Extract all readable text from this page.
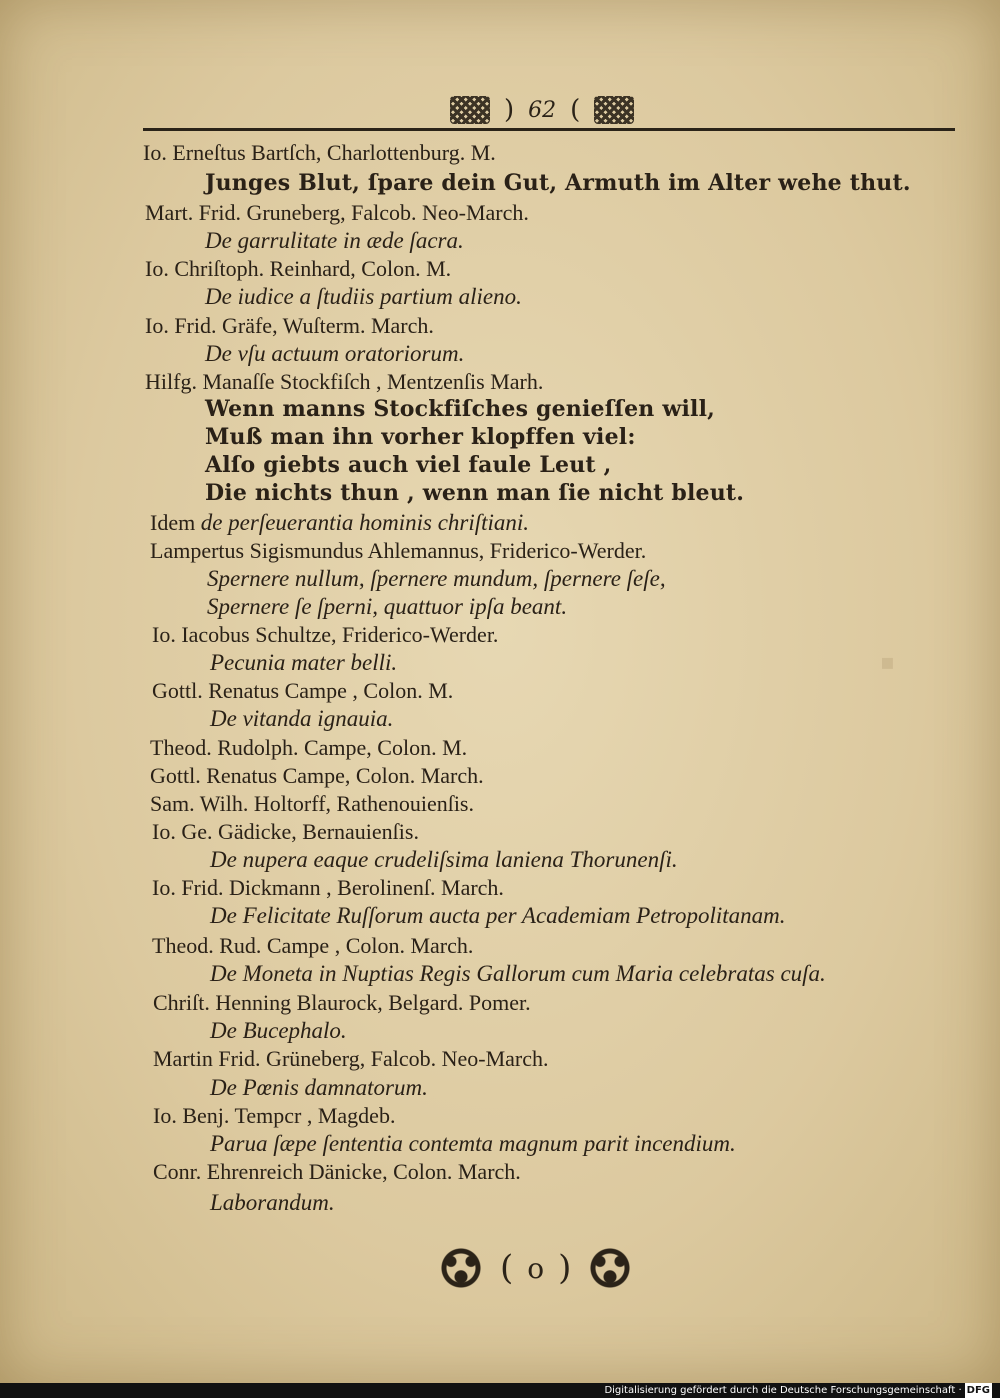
▪
) 62 (
Io. Erneſtus Bartſch, Charlottenburg. M.
Junges Blut, ſpare dein Gut, Armuth im Alter wehe thut.
Mart. Frid. Gruneberg, Falcob. Neo-March.
De garrulitate in æde ſacra.
Io. Chriſtoph. Reinhard, Colon. M.
De iudice a ſtudiis partium alieno.
Io. Frid. Gräfe, Wuſterm. March.
De vſu actuum oratoriorum.
Hilfg. Manaſſe Stockfiſch , Mentzenſis Marh.
Wenn manns Stockfiſches genieſſen will,
Muß man ihn vorher klopffen viel:
Alſo giebts auch viel faule Leut ,
Die nichts thun , wenn man ſie nicht bleut.
Idem de perſeuerantia hominis chriſtiani.
Lampertus Sigismundus Ahlemannus, Friderico-Werder.
Spernere nullum, ſpernere mundum, ſpernere ſeſe,
Spernere ſe ſperni, quattuor ipſa beant.
Io. Iacobus Schultze, Friderico-Werder.
Pecunia mater belli.
Gottl. Renatus Campe , Colon. M.
De vitanda ignauia.
Theod. Rudolph. Campe, Colon. M.
Gottl. Renatus Campe, Colon. March.
Sam. Wilh. Holtorff, Rathenouienſis.
Io. Ge. Gädicke, Bernauienſis.
De nupera eaque crudeliſsima laniena Thorunenſi.
Io. Frid. Dickmann , Berolinenſ. March.
De Felicitate Ruſſorum aucta per Academiam Petropolitanam.
Theod. Rud. Campe , Colon. March.
De Moneta in Nuptias Regis Gallorum cum Maria celebratas cuſa.
Chriſt. Henning Blaurock, Belgard. Pomer.
De Bucephalo.
Martin Frid. Grüneberg, Falcob. Neo-March.
De Pœnis damnatorum.
Io. Benj. Tempcr , Magdeb.
Parua ſæpe ſententia contemta magnum parit incendium.
Conr. Ehrenreich Dänicke, Colon. March.
Laborandum.
( o )
Digitalisierung gefördert durch die Deutsche Forschungsgemeinschaft · DFG
